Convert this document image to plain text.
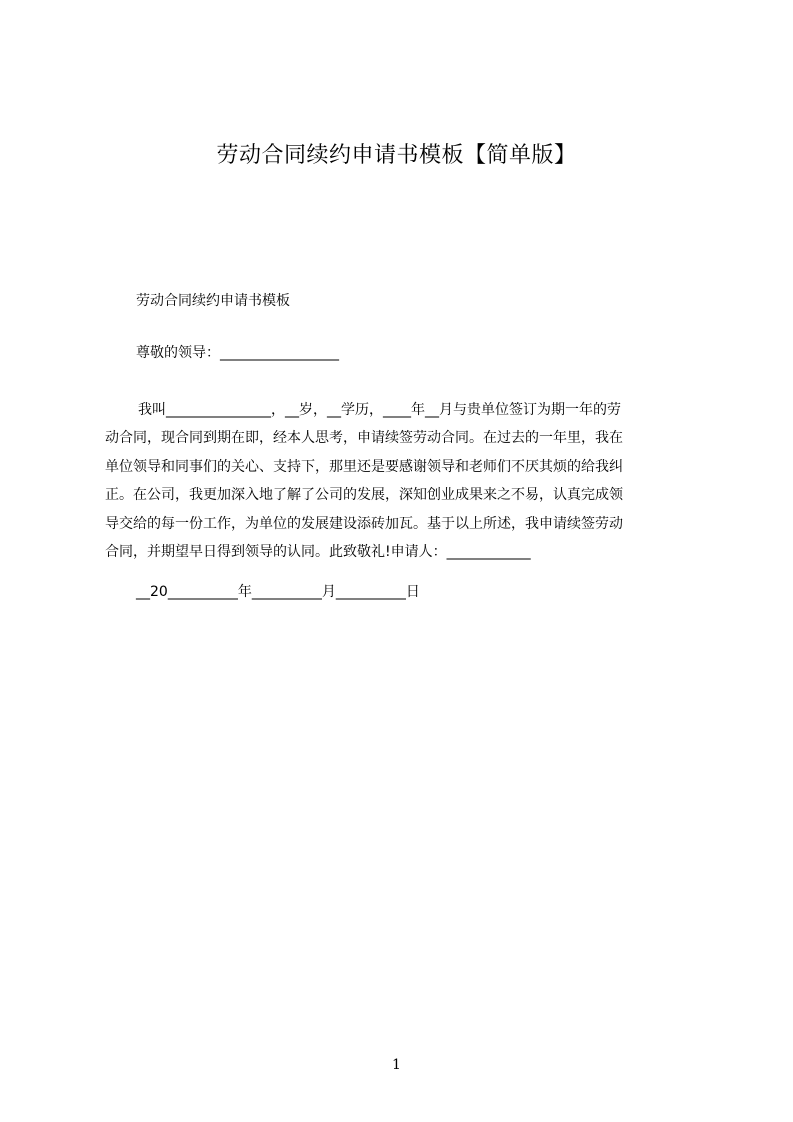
劳动合同续约申请书模板【简单版】
劳动合同续约申请书模板
尊敬的领导：_________________
我叫_______________，__岁，__学历，____年__月与贵单位签订为期一年的劳
动合同，现合同到期在即，经本人思考，申请续签劳动合同。在过去的一年里，我在
单位领导和同事们的关心、支持下，那里还是要感谢领导和老师们不厌其烦的给我纠
正。在公司，我更加深入地了解了公司的发展，深知创业成果来之不易，认真完成领
导交给的每一份工作，为单位的发展建设添砖加瓦。基于以上所述，我申请续签劳动
合同，并期望早日得到领导的认同。此致敬礼!申请人：____________
__20__________年__________月__________日
1
